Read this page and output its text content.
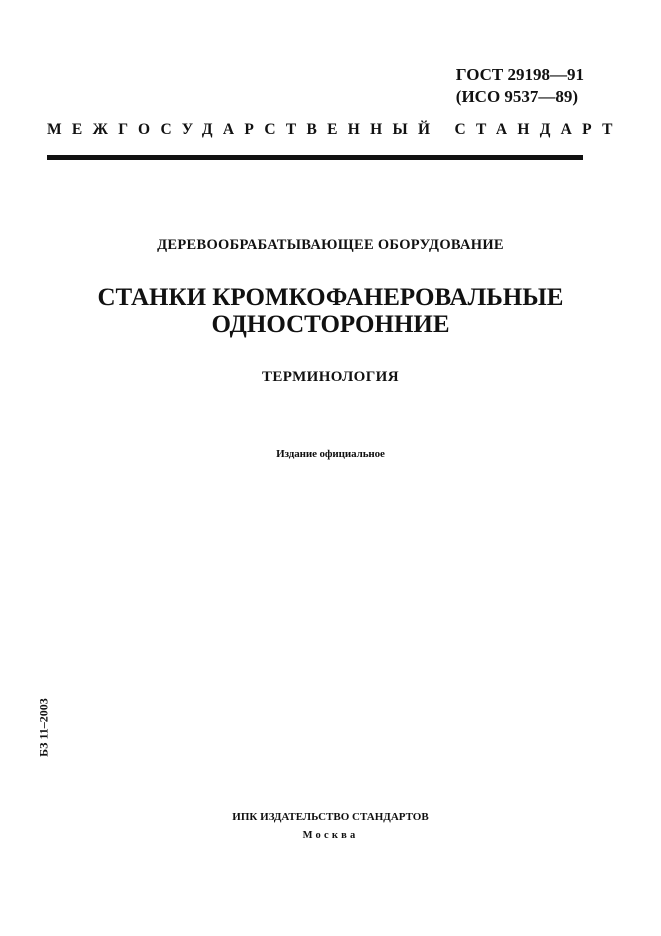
ГОСТ 29198—91
(ИСО 9537—89)
МЕЖГОСУДАРСТВЕННЫЙ СТАНДАРТ
ДЕРЕВООБРАБАТЫВАЮЩЕЕ ОБОРУДОВАНИЕ
СТАНКИ КРОМКОФАНЕРОВАЛЬНЫЕ
ОДНОСТОРОННИЕ
ТЕРМИНОЛОГИЯ
Издание официальное
БЗ 11–2003
ИПК ИЗДАТЕЛЬСТВО СТАНДАРТОВ
Москва
